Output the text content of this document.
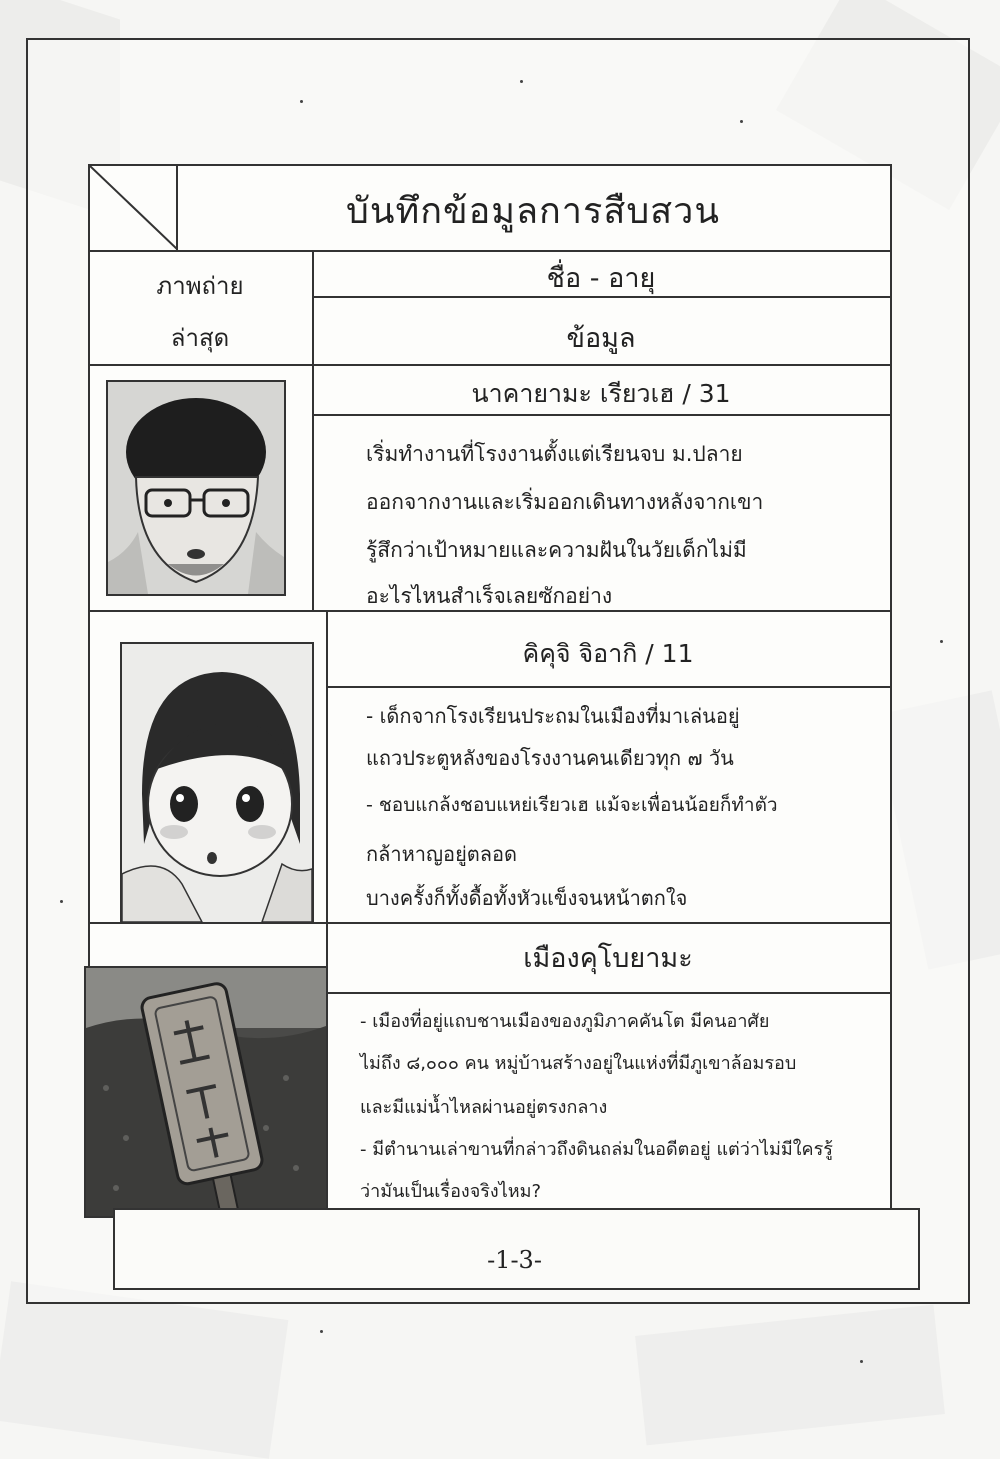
บันทึกข้อมูลการสืบสวน
ภาพถ่าย
ล่าสุด
ชื่อ - อายุ
ข้อมูล
นาคายามะ เรียวเฮ / 31
เริ่มทำงานที่โรงงานตั้งแต่เรียนจบ ม.ปลาย
ออกจากงานและเริ่มออกเดินทางหลังจากเขา
รู้สึกว่าเป้าหมายและความฝันในวัยเด็กไม่มี
อะไรไหนสำเร็จเลยซักอย่าง
คิคุจิ จิอากิ / 11
- เด็กจากโรงเรียนประถมในเมืองที่มาเล่นอยู่
แถวประตูหลังของโรงงานคนเดียวทุก ๗ วัน
- ชอบแกล้งชอบแหย่เรียวเฮ แม้จะเพื่อนน้อยก็ทำตัว
กล้าหาญอยู่ตลอด
บางครั้งก็ทั้งดื้อทั้งหัวแข็งจนหน้าตกใจ
เมืองคุโบยามะ
- เมืองที่อยู่แถบชานเมืองของภูมิภาคคันโต มีคนอาศัย
ไม่ถึง ๘,๐๐๐ คน หมู่บ้านสร้างอยู่ในแห่งที่มีภูเขาล้อมรอบ
และมีแม่น้ำไหลผ่านอยู่ตรงกลาง
- มีตำนานเล่าขานที่กล่าวถึงดินถล่มในอดีตอยู่ แต่ว่าไม่มีใครรู้
ว่ามันเป็นเรื่องจริงไหม?
-1-3-
